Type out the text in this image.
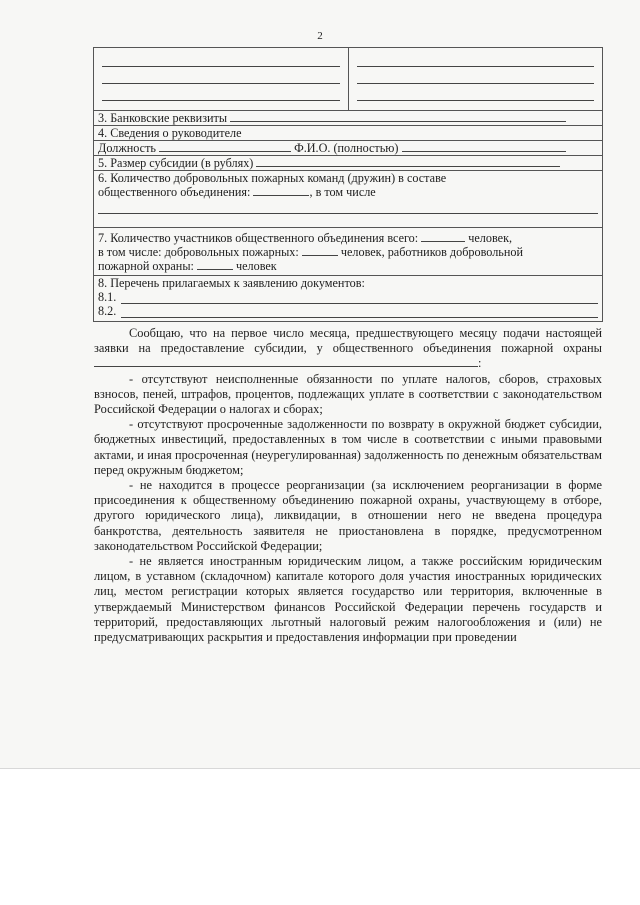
2
3. Банковские реквизиты
4. Сведения о руководителе
Должность	Ф.И.О. (полностью)
5. Размер субсидии (в рублях)
6. Количество добровольных пожарных команд (дружин) в составе
общественного объединения:	, в том числе
7. Количество участников общественного объединения всего:	человек,
в том числе: добровольных пожарных:	человек, работников добровольной
пожарной охраны:	человек
8. Перечень прилагаемых к заявлению документов:
8.1.
8.2.

Сообщаю, что на первое число месяца, предшествующего месяцу подачи настоящей заявки на предоставление субсидии, у общественного объединения пожарной охраны :

- отсутствуют неисполненные обязанности по уплате налогов, сборов, страховых взносов, пеней, штрафов, процентов, подлежащих уплате в соответствии с законодательством Российской Федерации о налогах и сборах;

- отсутствуют просроченные задолженности по возврату в окружной бюджет субсидии, бюджетных инвестиций, предоставленных в том числе в соответствии с иными правовыми актами, и иная просроченная (неурегулированная) задолженность по денежным обязательствам перед окружным бюджетом;

- не находится в процессе реорганизации (за исключением реорганизации в форме присоединения к общественному объединению пожарной охраны, участвующему в отборе, другого юридического лица), ликвидации, в отношении него не введена процедура банкротства, деятельность заявителя не приостановлена в порядке, предусмотренном законодательством Российской Федерации;

- не является иностранным юридическим лицом, а также российским юридическим лицом, в уставном (складочном) капитале которого доля участия иностранных юридических лиц, местом регистрации которых является государство или территория, включенные в утверждаемый Министерством финансов Российской Федерации перечень государств и территорий, предоставляющих льготный налоговый режим налогообложения и (или) не предусматривающих раскрытия и предоставления информации при проведении
